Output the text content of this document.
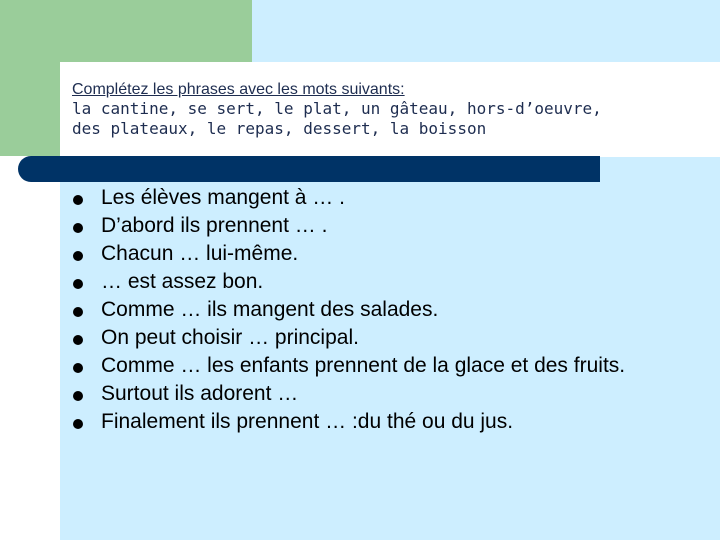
Complétez les phrases avec les mots suivants:
la cantine, se sert, le plat, un gâteau, hors-d’oeuvre,
des plateaux, le repas, dessert, la boisson
Les élèves mangent à … .
D’abord ils prennent … .
Chacun … lui-même.
… est assez bon.
Comme … ils mangent des salades.
On peut choisir … principal.
Comme … les enfants prennent de la glace et des fruits.
Surtout ils adorent …
Finalement ils prennent … :du thé ou du jus.
